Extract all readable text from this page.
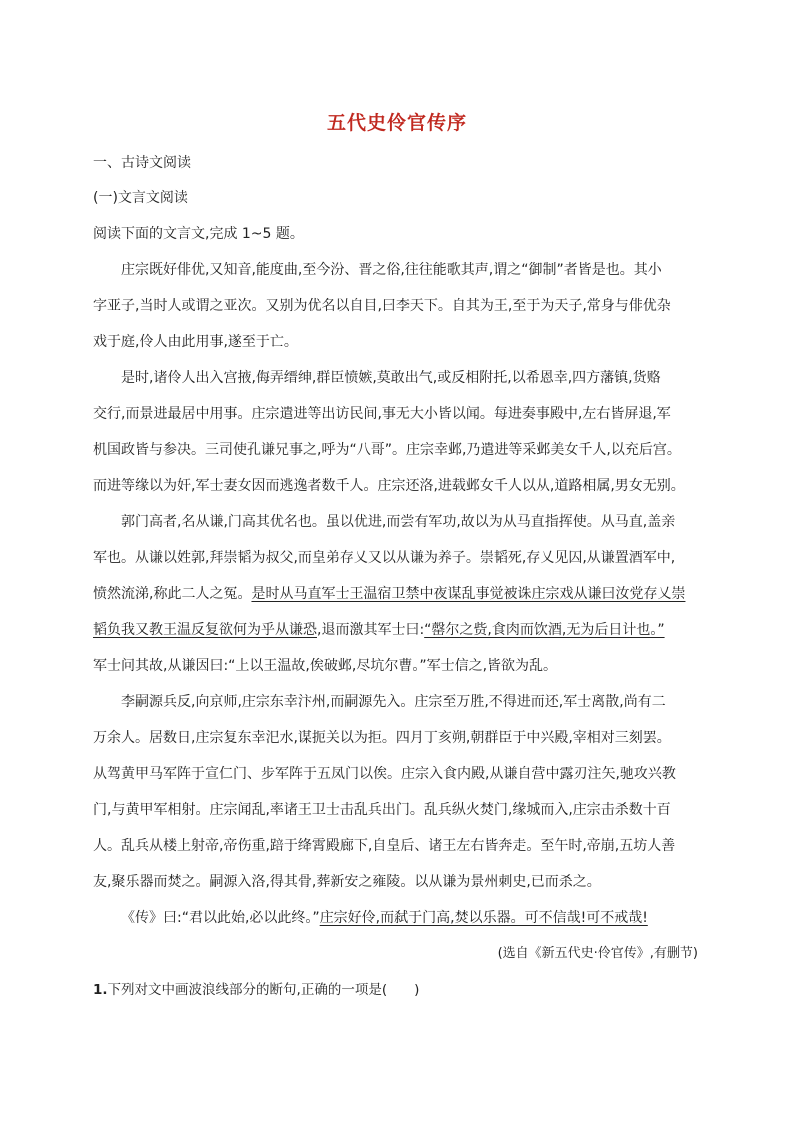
五代史伶官传序
一、古诗文阅读
(一)文言文阅读
阅读下面的文言文,完成 1~5 题。
庄宗既好俳优,又知音,能度曲,至今汾、晋之俗,往往能歌其声,谓之“御制”者皆是也。其小
字亚子,当时人或谓之亚次。又别为优名以自目,曰李天下。自其为王,至于为天子,常身与俳优杂
戏于庭,伶人由此用事,遂至于亡。
是时,诸伶人出入宫掖,侮弄缙绅,群臣愤嫉,莫敢出气,或反相附托,以希恩幸,四方藩镇,货赂
交行,而景进最居中用事。庄宗遣进等出访民间,事无大小皆以闻。每进奏事殿中,左右皆屏退,军
机国政皆与参决。三司使孔谦兄事之,呼为“八哥”。庄宗幸邺,乃遣进等采邺美女千人,以充后宫。
而进等缘以为奸,军士妻女因而逃逸者数千人。庄宗还洛,进载邺女千人以从,道路相属,男女无别。
郭门高者,名从谦,门高其优名也。虽以优进,而尝有军功,故以为从马直指挥使。从马直,盖亲
军也。从谦以姓郭,拜崇韬为叔父,而皇弟存乂又以从谦为养子。崇韬死,存乂见囚,从谦置酒军中,
愤然流涕,称此二人之冤。是时从马直军士王温宿卫禁中夜谋乱事觉被诛庄宗戏从谦曰汝党存乂崇
韬负我又教王温反复欲何为乎从谦恐,退而激其军士曰:“罄尔之赀,食肉而饮酒,无为后日计也。”
军士问其故,从谦因曰:“上以王温故,俟破邺,尽坑尔曹。”军士信之,皆欲为乱。
李嗣源兵反,向京师,庄宗东幸汴州,而嗣源先入。庄宗至万胜,不得进而还,军士离散,尚有二
万余人。居数日,庄宗复东幸汜水,谋扼关以为拒。四月丁亥朔,朝群臣于中兴殿,宰相对三刻罢。
从驾黄甲马军阵于宣仁门、步军阵于五凤门以俟。庄宗入食内殿,从谦自营中露刃注矢,驰攻兴教
门,与黄甲军相射。庄宗闻乱,率诸王卫士击乱兵出门。乱兵纵火焚门,缘城而入,庄宗击杀数十百
人。乱兵从楼上射帝,帝伤重,踣于绛霄殿廊下,自皇后、诸王左右皆奔走。至午时,帝崩,五坊人善
友,聚乐器而焚之。嗣源入洛,得其骨,葬新安之雍陵。以从谦为景州刺史,已而杀之。
《传》曰:“君以此始,必以此终。”庄宗好伶,而弑于门高,焚以乐器。可不信哉!可不戒哉!
(选自《新五代史·伶官传》,有删节)
1.下列对文中画波浪线部分的断句,正确的一项是(　　)
